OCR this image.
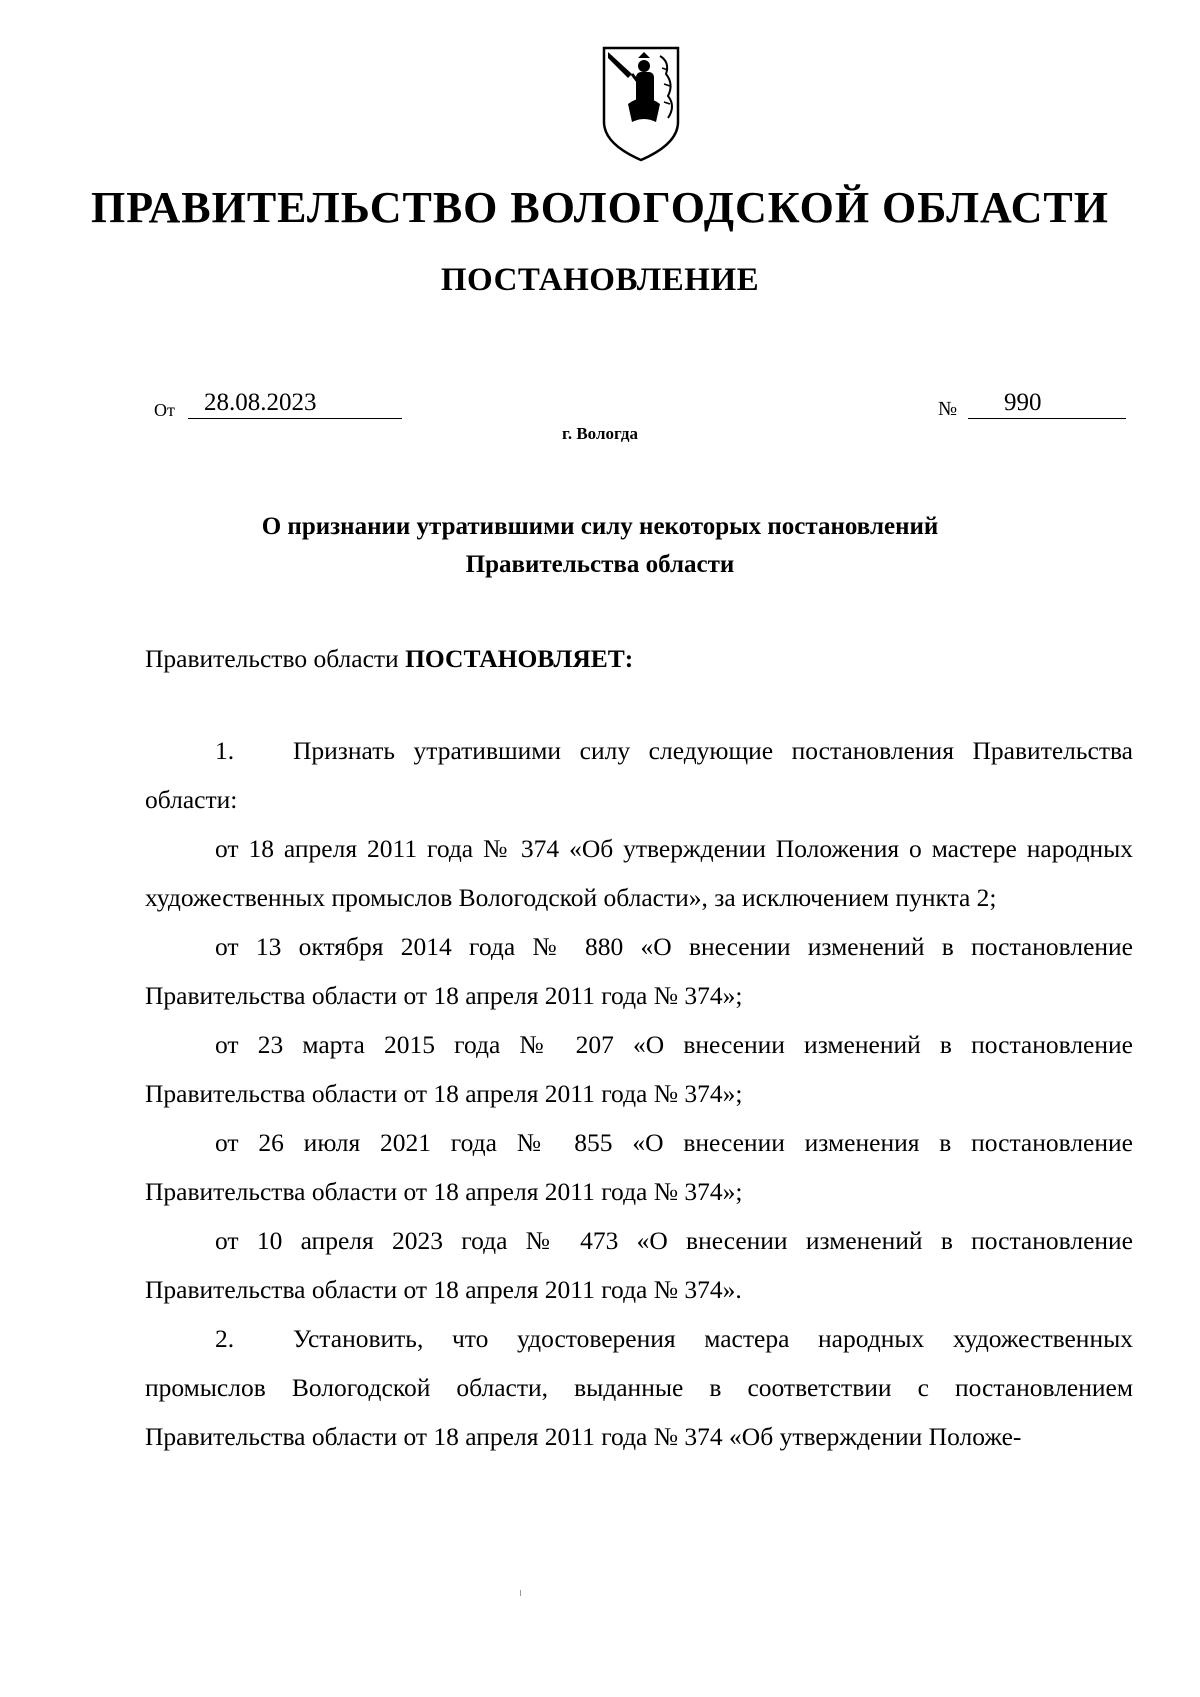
ПРАВИТЕЛЬСТВО ВОЛОГОДСКОЙ ОБЛАСТИ
ПОСТАНОВЛЕНИЕ
От	28.08.2023	№	990
г. Вологда
О признании утратившими силу некоторых постановлений
Правительства области

Правительство области ПОСТАНОВЛЯЕТ:

1. Признать утратившими силу следующие постановления Правительства области:

от 18 апреля 2011 года № 374 «Об утверждении Положения о мастере народных художественных промыслов Вологодской области», за исключением пункта 2;

от 13 октября 2014 года № 880 «О внесении изменений в постановление Правительства области от 18 апреля 2011 года № 374»;

от 23 марта 2015 года № 207 «О внесении изменений в постановление Правительства области от 18 апреля 2011 года № 374»;

от 26 июля 2021 года № 855 «О внесении изменения в постановление Правительства области от 18 апреля 2011 года № 374»;

от 10 апреля 2023 года № 473 «О внесении изменений в постановление Правительства области от 18 апреля 2011 года № 374».

2. Установить, что удостоверения мастера народных художественных промыслов Вологодской области, выданные в соответствии с постановлением Правительства области от 18 апреля 2011 года № 374 «Об утверждении Положе-
